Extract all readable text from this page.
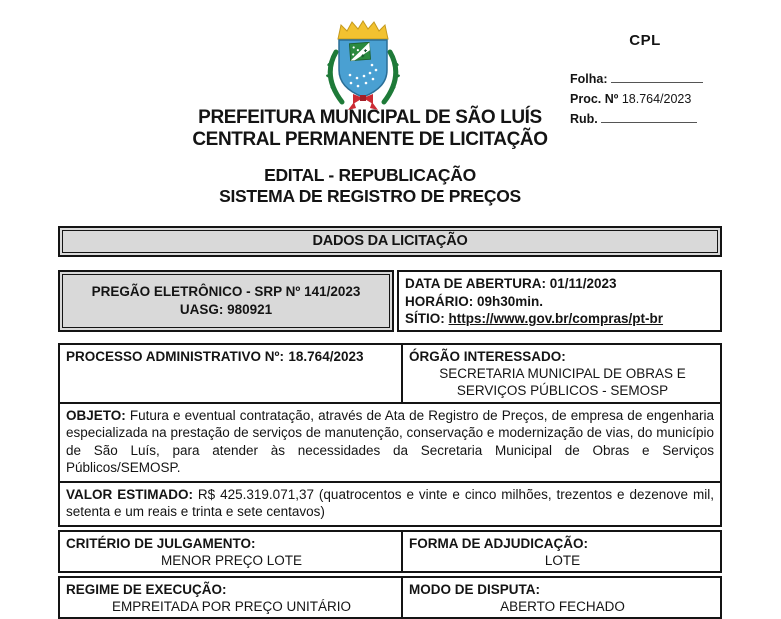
CPL
Folha:
Proc. Nº 18.764/2023
Rub.
PREFEITURA MUNICIPAL DE SÃO LUÍS
CENTRAL PERMANENTE DE LICITAÇÃO
EDITAL - REPUBLICAÇÃO
SISTEMA DE REGISTRO DE PREÇOS
DADOS DA LICITAÇÃO
PREGÃO ELETRÔNICO - SRP Nº 141/2023
UASG: 980921
DATA DE ABERTURA: 01/11/2023
HORÁRIO: 09h30min.
SÍTIO: https://www.gov.br/compras/pt-br
PROCESSO ADMINISTRATIVO Nº: 18.764/2023	ÓRGÃO INTERESSADO:
SECRETARIA MUNICIPAL DE OBRAS E
SERVIÇOS PÚBLICOS - SEMOSP
OBJETO: Futura e eventual contratação, através de Ata de Registro de Preços, de empresa de engenharia especializada na prestação de serviços de manutenção, conservação e modernização de vias, do município de São Luís, para atender às necessidades da Secretaria Municipal de Obras e Serviços Públicos/SEMOSP.
VALOR ESTIMADO: R$ 425.319.071,37 (quatrocentos e vinte e cinco milhões, trezentos e dezenove mil, setenta e um reais e trinta e sete centavos)
CRITÉRIO DE JULGAMENTO:
MENOR PREÇO LOTE
FORMA DE ADJUDICAÇÃO:
LOTE
REGIME DE EXECUÇÃO:
EMPREITADA POR PREÇO UNITÁRIO
MODO DE DISPUTA:
ABERTO FECHADO
